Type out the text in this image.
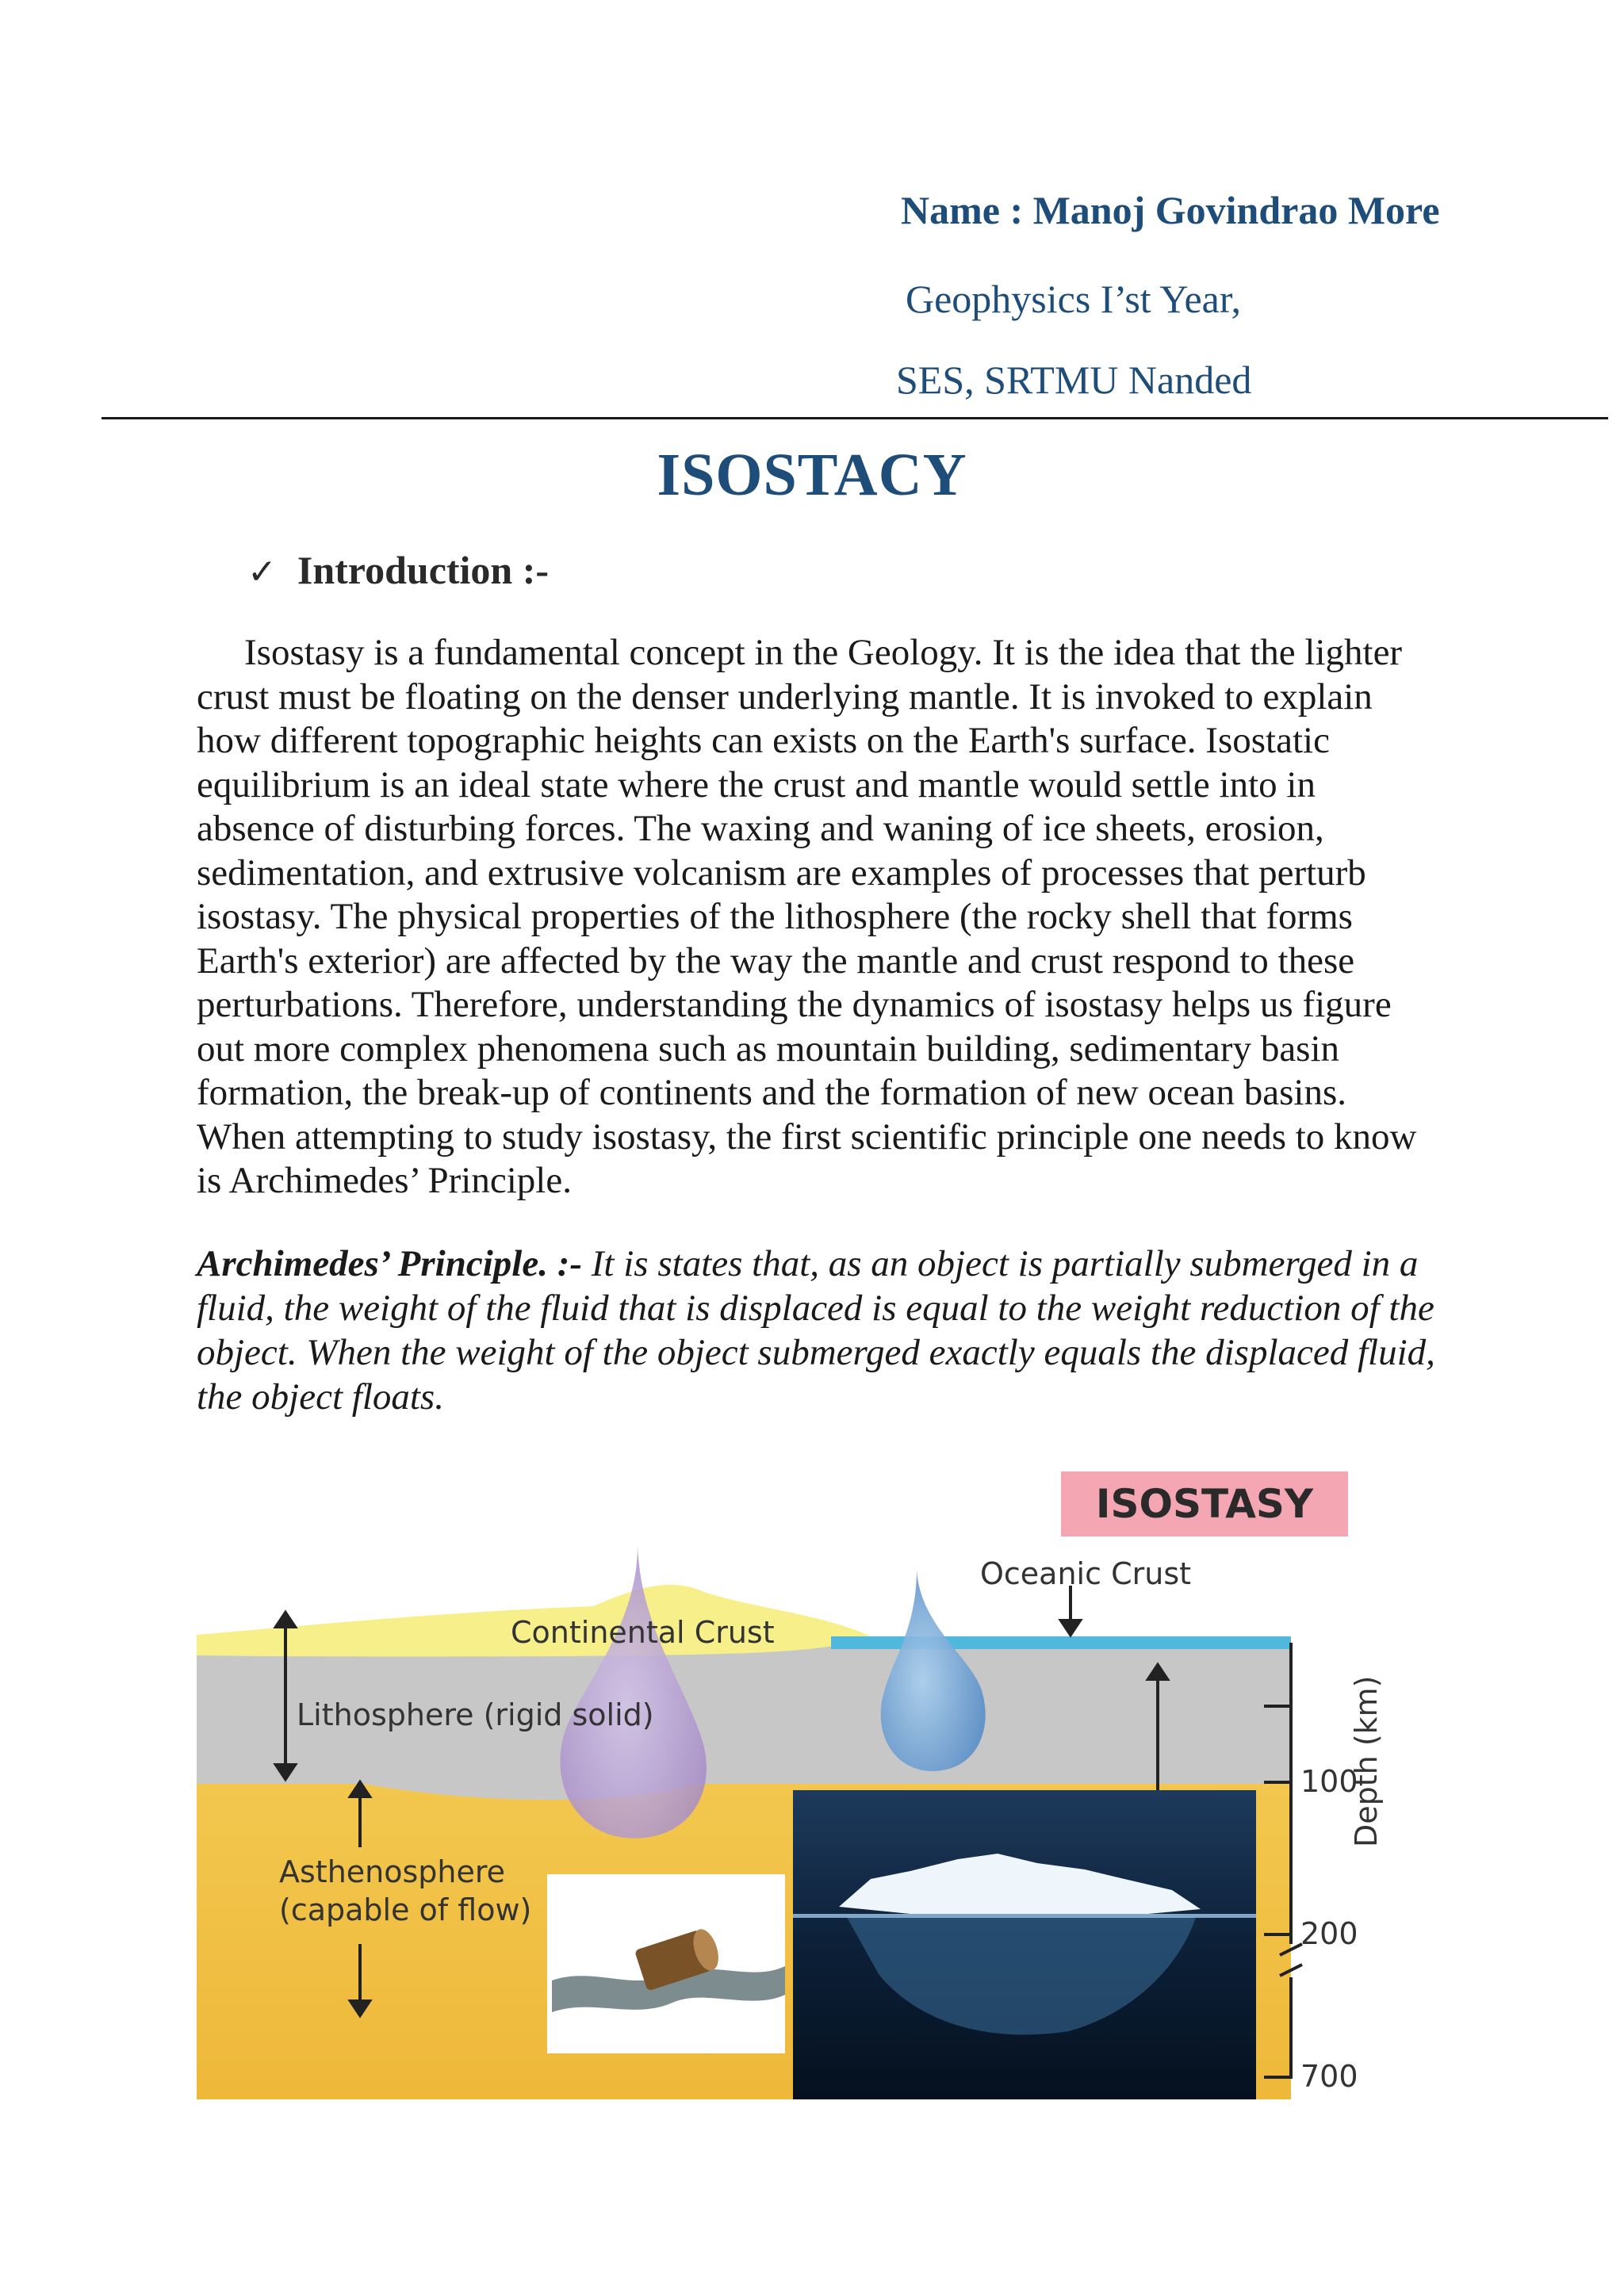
Name : Manoj Govindrao More
Geophysics I’st Year,
SES, SRTMU Nanded
ISOSTACY
✓ Introduction :-

Isostasy is a fundamental concept in the Geology. It is the idea that the lighter crust must be floating on the denser underlying mantle. It is invoked to explain how different topographic heights can exists on the Earth's surface. Isostatic equilibrium is an ideal state where the crust and mantle would settle into in absence of disturbing forces. The waxing and waning of ice sheets, erosion, sedimentation, and extrusive volcanism are examples of processes that perturb isostasy. The physical properties of the lithosphere (the rocky shell that forms Earth's exterior) are affected by the way the mantle and crust respond to these perturbations. Therefore, understanding the dynamics of isostasy helps us figure out more complex phenomena such as mountain building, sedimentary basin formation, the break-up of continents and the formation of new ocean basins. When attempting to study isostasy, the first scientific principle one needs to know is Archimedes’ Principle.

Archimedes’ Principle. :- It is states that, as an object is partially submerged in a fluid, the weight of the fluid that is displaced is equal to the weight reduction of the object. When the weight of the object submerged exactly equals the displaced fluid, the object floats.

Oceanic Crust
Continental Crust
Lithosphere (rigid solid)
Asthenosphere
(capable of flow)
100
200
700
Depth (km)
ISOSTASY
